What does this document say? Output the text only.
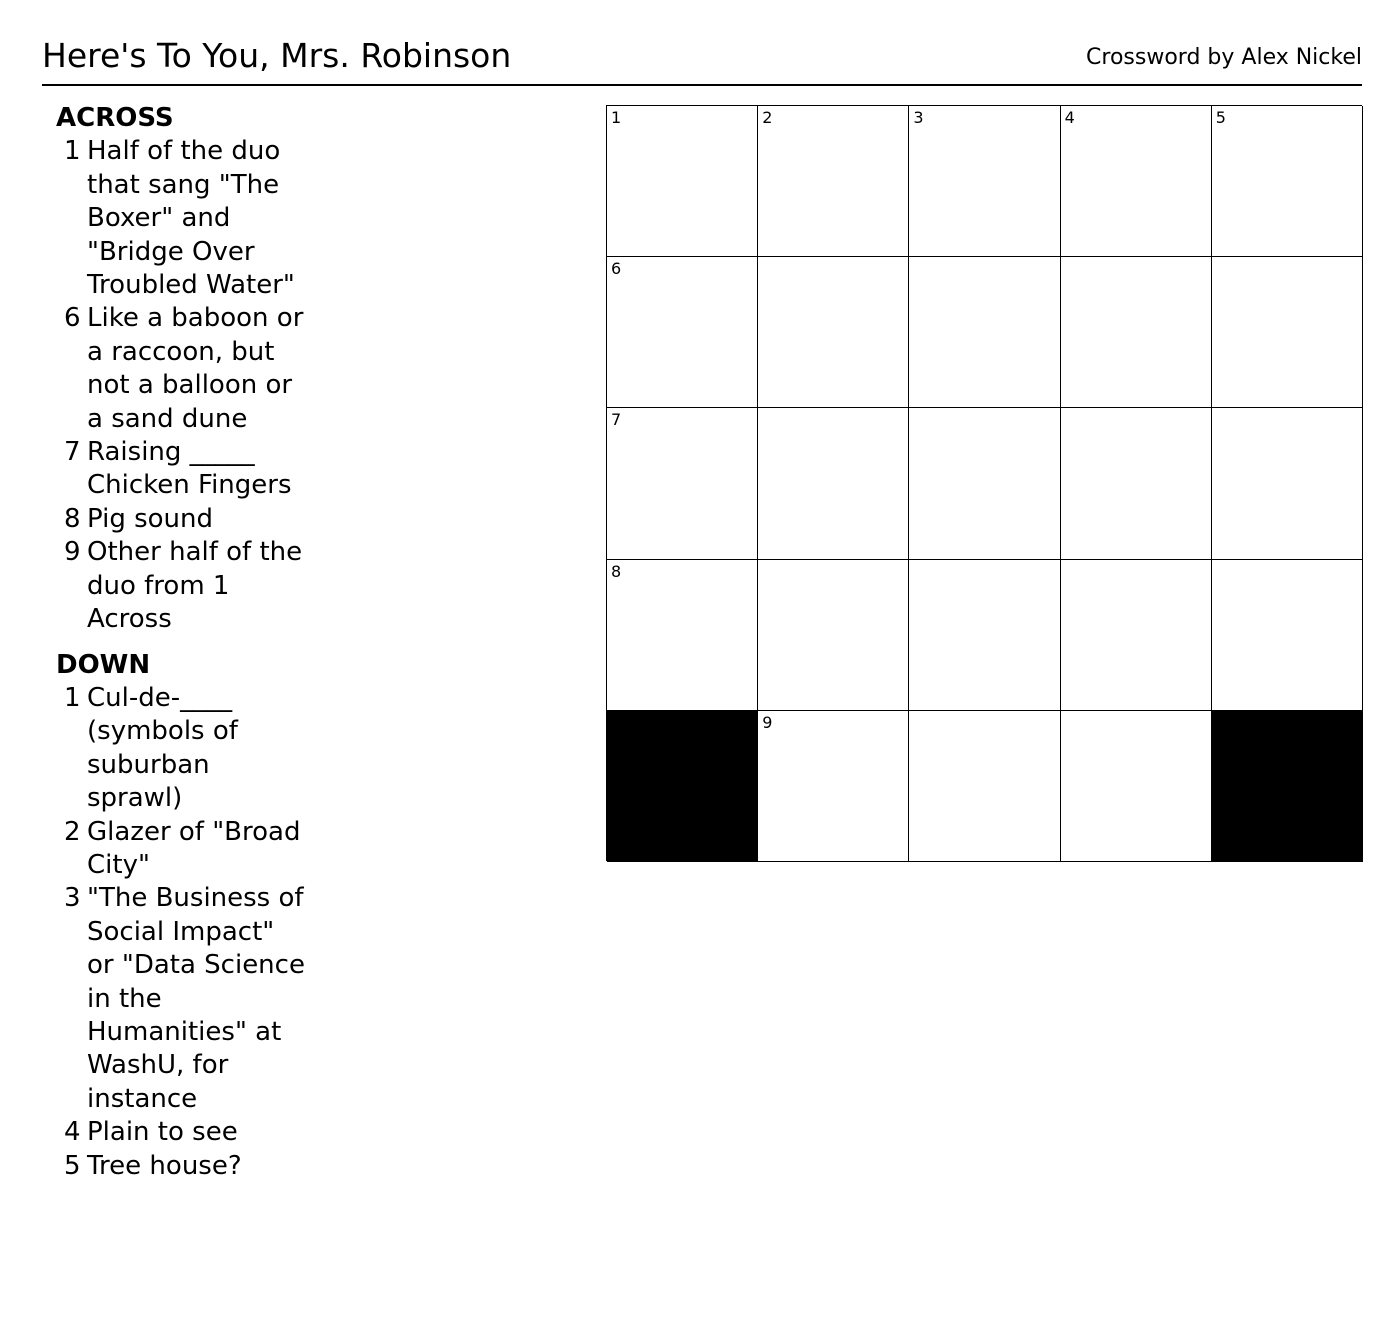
Here's To You, Mrs. Robinson	Crossword by Alex Nickel
ACROSS
1 Half of the duo that sang "The Boxer" and "Bridge Over Troubled Water"
6 Like a baboon or a raccoon, but not a balloon or a sand dune
7 Raising _____ Chicken Fingers
8 Pig sound
9 Other half of the duo from 1 Across
DOWN
1 Cul-de-____ (symbols of suburban sprawl)
2 Glazer of "Broad City"
3 "The Business of Social Impact" or "Data Science in the Humanities" at WashU, for instance
4 Plain to see
5 Tree house?
1	2	3	4	5
6
7
8
9
